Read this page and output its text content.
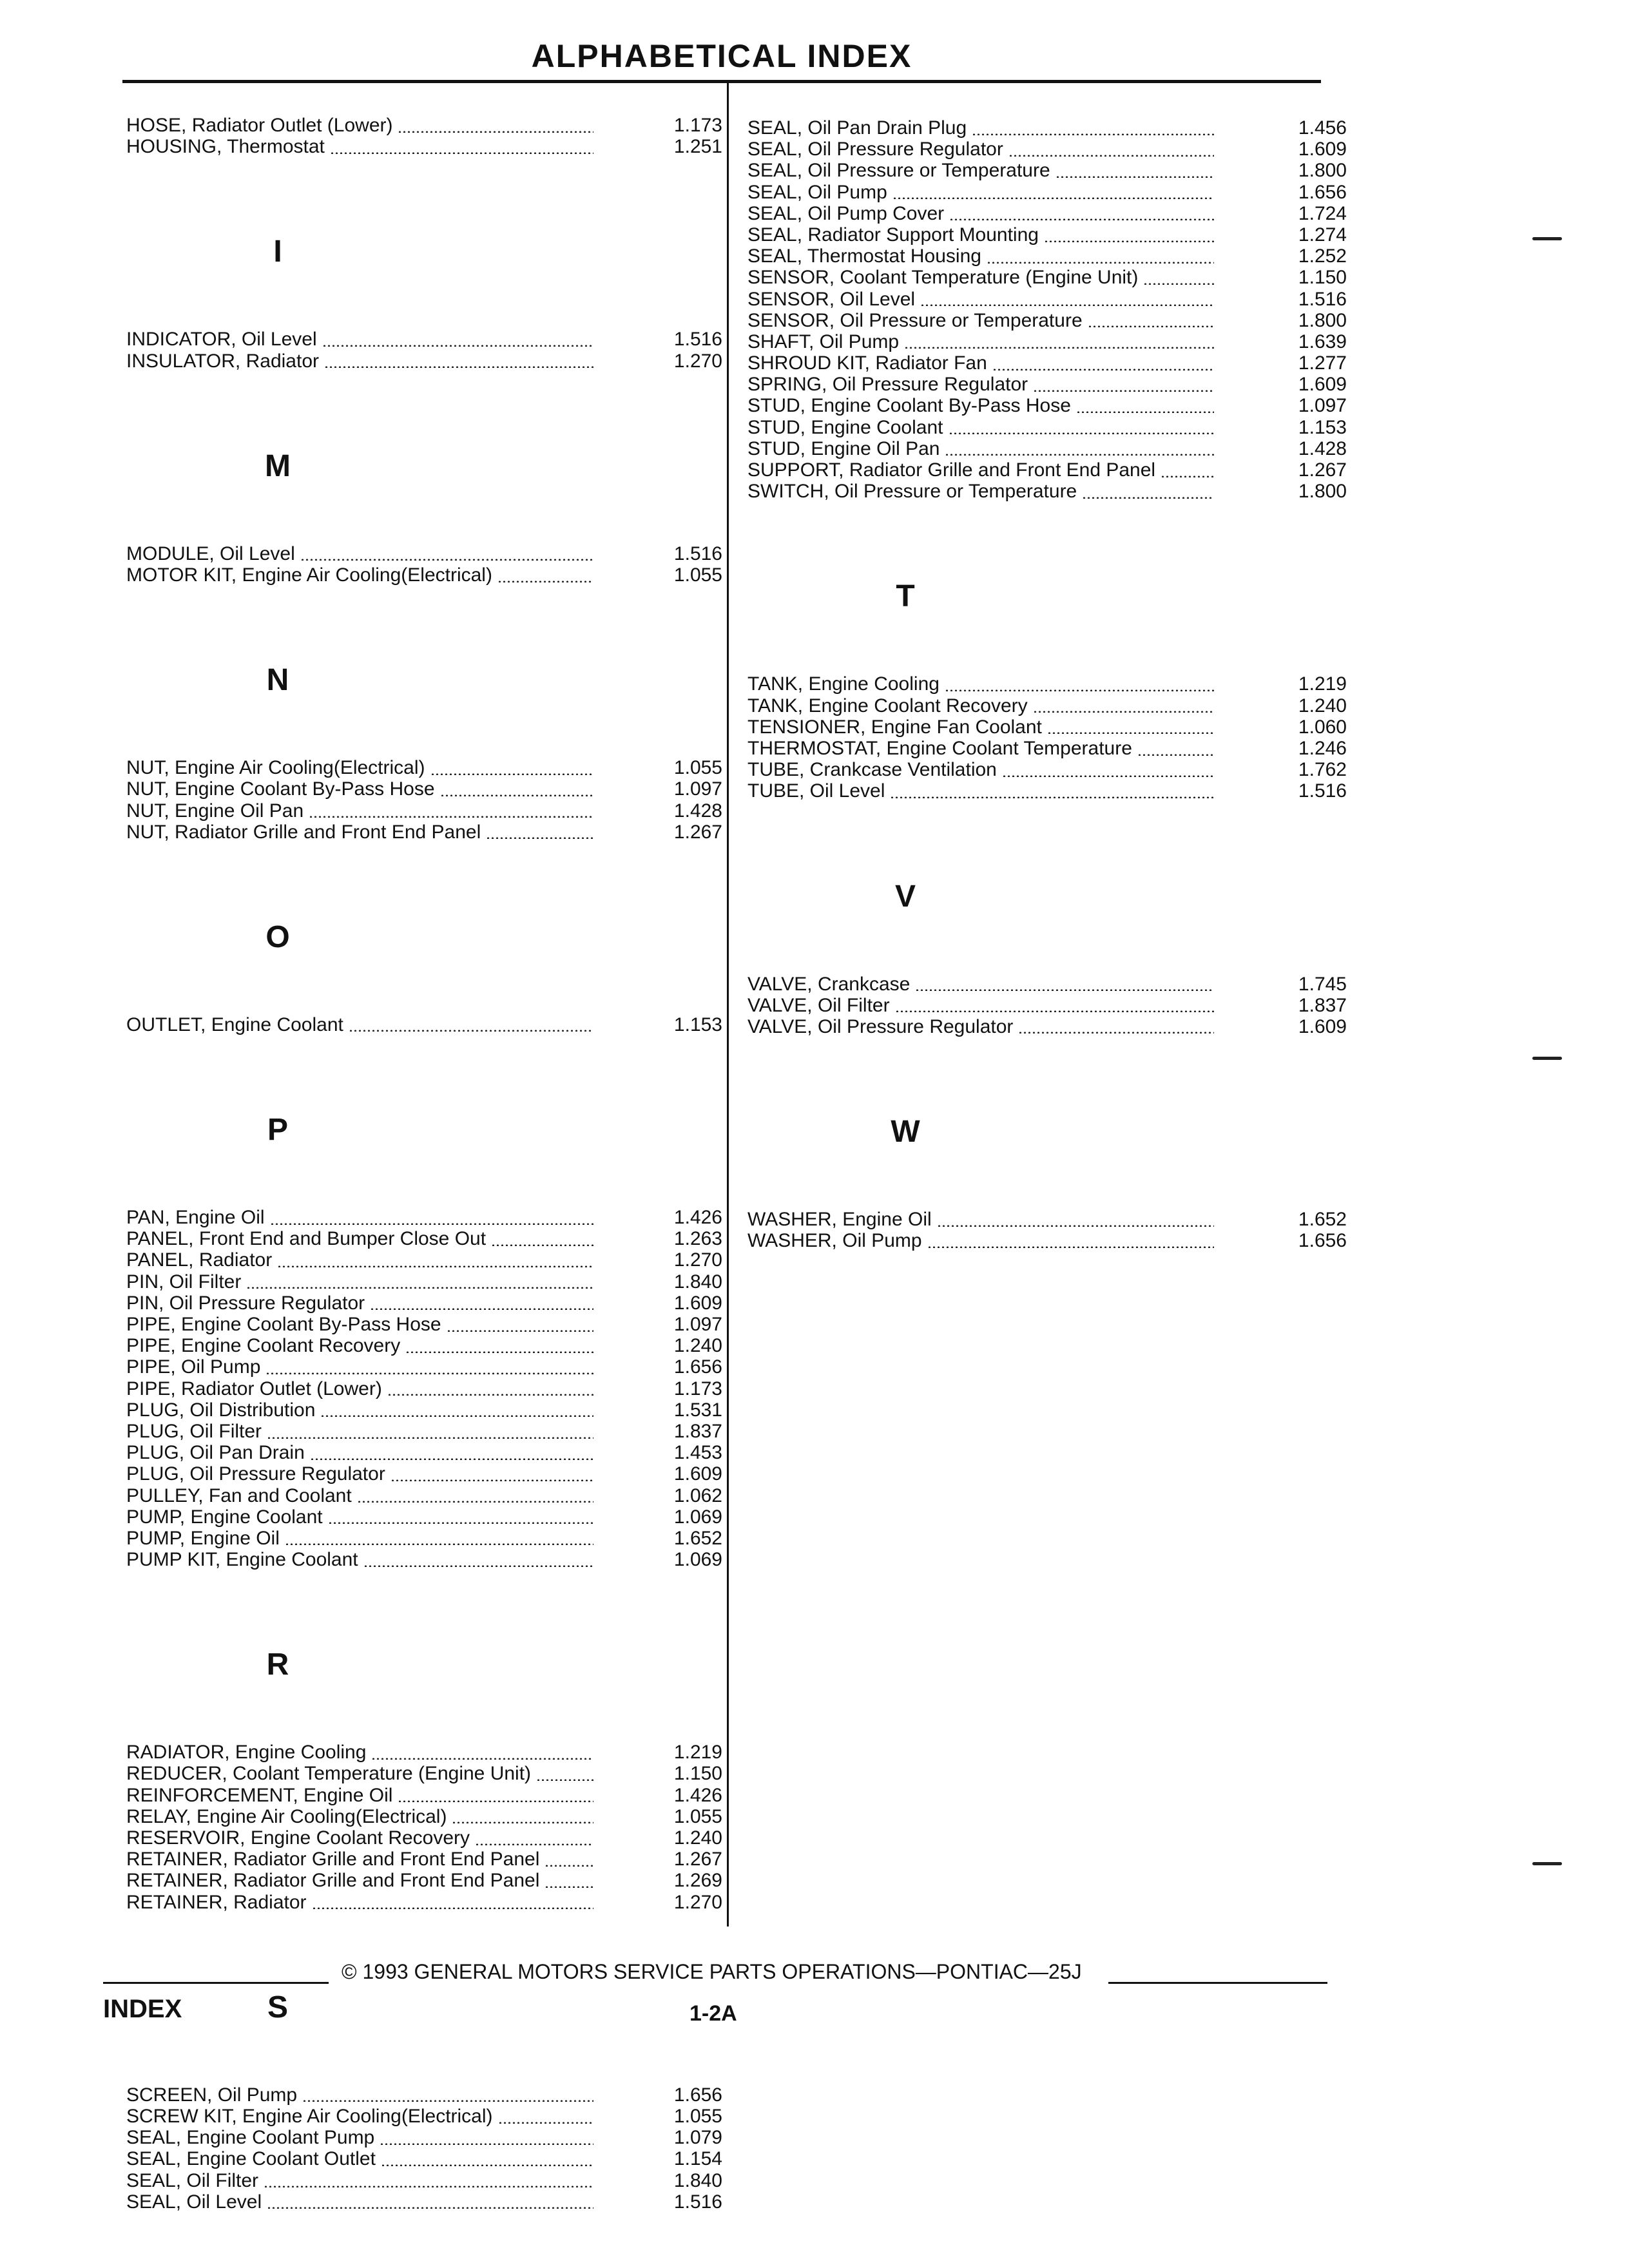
ALPHABETICAL INDEX
HOSE, Radiator Outlet (Lower)	1.173
HOUSING, Thermostat	1.251
I
INDICATOR, Oil Level	1.516
INSULATOR, Radiator	1.270
M
MODULE, Oil Level	1.516
MOTOR KIT, Engine Air Cooling(Electrical)	1.055
N
NUT, Engine Air Cooling(Electrical)	1.055
NUT, Engine Coolant By-Pass Hose	1.097
NUT, Engine Oil Pan	1.428
NUT, Radiator Grille and Front End Panel	1.267
O
OUTLET, Engine Coolant	1.153
P
PAN, Engine Oil	1.426
PANEL, Front End and Bumper Close Out	1.263
PANEL, Radiator	1.270
PIN, Oil Filter	1.840
PIN, Oil Pressure Regulator	1.609
PIPE, Engine Coolant By-Pass Hose	1.097
PIPE, Engine Coolant Recovery	1.240
PIPE, Oil Pump	1.656
PIPE, Radiator Outlet (Lower)	1.173
PLUG, Oil Distribution	1.531
PLUG, Oil Filter	1.837
PLUG, Oil Pan Drain	1.453
PLUG, Oil Pressure Regulator	1.609
PULLEY, Fan and Coolant	1.062
PUMP, Engine Coolant	1.069
PUMP, Engine Oil	1.652
PUMP KIT, Engine Coolant	1.069
R
RADIATOR, Engine Cooling	1.219
REDUCER, Coolant Temperature (Engine Unit)	1.150
REINFORCEMENT, Engine Oil	1.426
RELAY, Engine Air Cooling(Electrical)	1.055
RESERVOIR, Engine Coolant Recovery	1.240
RETAINER, Radiator Grille and Front End Panel	1.267
RETAINER, Radiator Grille and Front End Panel	1.269
RETAINER, Radiator	1.270
S
SCREEN, Oil Pump	1.656
SCREW KIT, Engine Air Cooling(Electrical)	1.055
SEAL, Engine Coolant Pump	1.079
SEAL, Engine Coolant Outlet	1.154
SEAL, Oil Filter	1.840
SEAL, Oil Level	1.516
SEAL, Oil Pan Drain Plug	1.456
SEAL, Oil Pressure Regulator	1.609
SEAL, Oil Pressure or Temperature	1.800
SEAL, Oil Pump	1.656
SEAL, Oil Pump Cover	1.724
SEAL, Radiator Support Mounting	1.274
SEAL, Thermostat Housing	1.252
SENSOR, Coolant Temperature (Engine Unit)	1.150
SENSOR, Oil Level	1.516
SENSOR, Oil Pressure or Temperature	1.800
SHAFT, Oil Pump	1.639
SHROUD KIT, Radiator Fan	1.277
SPRING, Oil Pressure Regulator	1.609
STUD, Engine Coolant By-Pass Hose	1.097
STUD, Engine Coolant	1.153
STUD, Engine Oil Pan	1.428
SUPPORT, Radiator Grille and Front End Panel	1.267
SWITCH, Oil Pressure or Temperature	1.800
T
TANK, Engine Cooling	1.219
TANK, Engine Coolant Recovery	1.240
TENSIONER, Engine Fan Coolant	1.060
THERMOSTAT, Engine Coolant Temperature	1.246
TUBE, Crankcase Ventilation	1.762
TUBE, Oil Level	1.516
V
VALVE, Crankcase	1.745
VALVE, Oil Filter	1.837
VALVE, Oil Pressure Regulator	1.609
W
WASHER, Engine Oil	1.652
WASHER, Oil Pump	1.656
© 1993 GENERAL MOTORS SERVICE PARTS OPERATIONS—PONTIAC—25J
INDEX	1-2A
